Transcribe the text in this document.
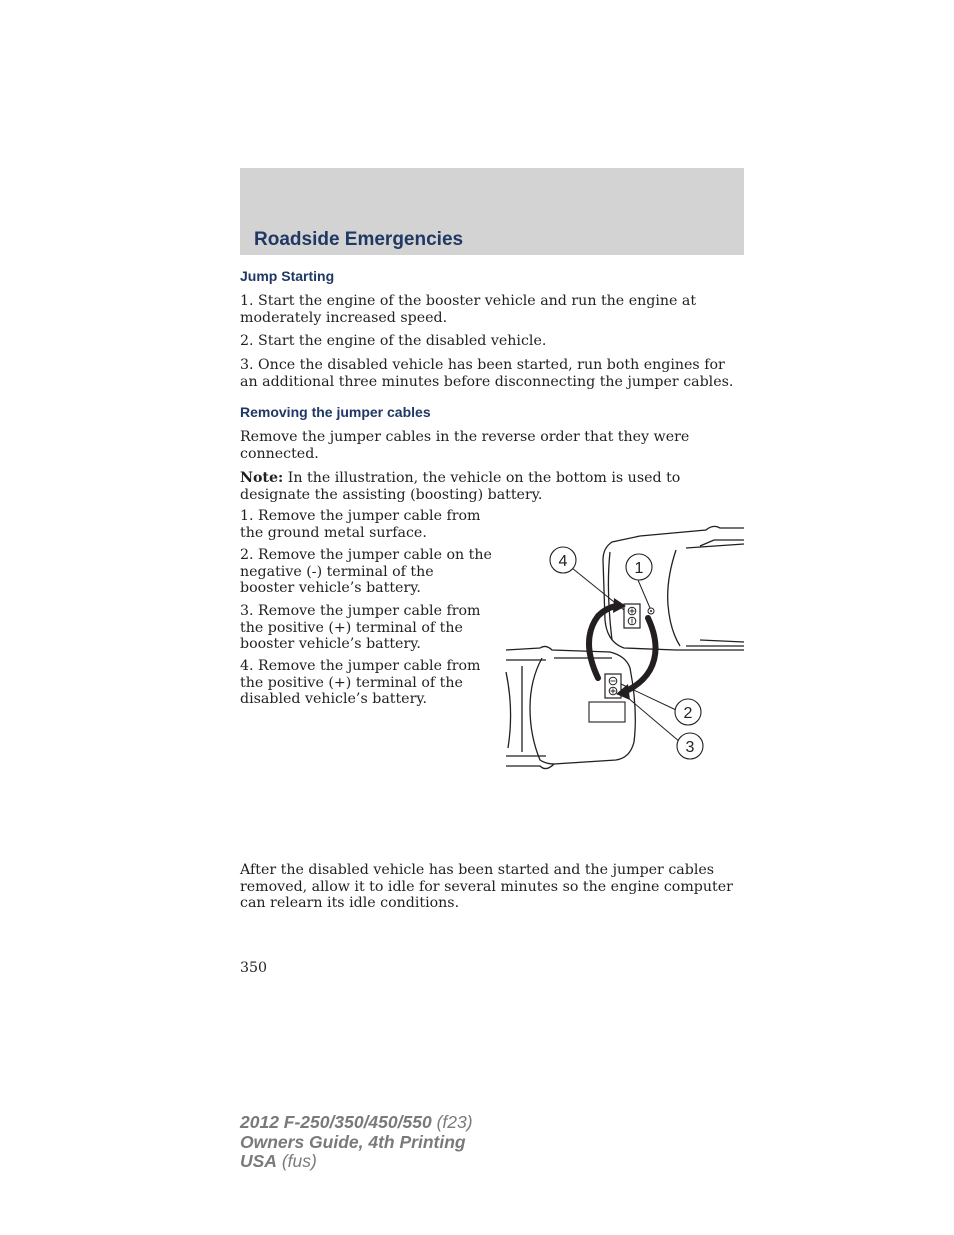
Roadside Emergencies
Jump Starting

1. Start the engine of the booster vehicle and run the engine at moderately increased speed.

2. Start the engine of the disabled vehicle.

3. Once the disabled vehicle has been started, run both engines for an additional three minutes before disconnecting the jumper cables.

Removing the jumper cables

Remove the jumper cables in the reverse order that they were connected.

Note: In the illustration, the vehicle on the bottom is used to designate the assisting (boosting) battery.

1. Remove the jumper cable from the ground metal surface.

2. Remove the jumper cable on the negative (-) terminal of the booster vehicle’s battery.

3. Remove the jumper cable from the positive (+) terminal of the booster vehicle’s battery.

4. Remove the jumper cable from the positive (+) terminal of the disabled vehicle’s battery.

4	1
2
3

After the disabled vehicle has been started and the jumper cables removed, allow it to idle for several minutes so the engine computer can relearn its idle conditions.

350

2012 F-250/350/450/550 (f23)
Owners Guide, 4th Printing
USA (fus)
